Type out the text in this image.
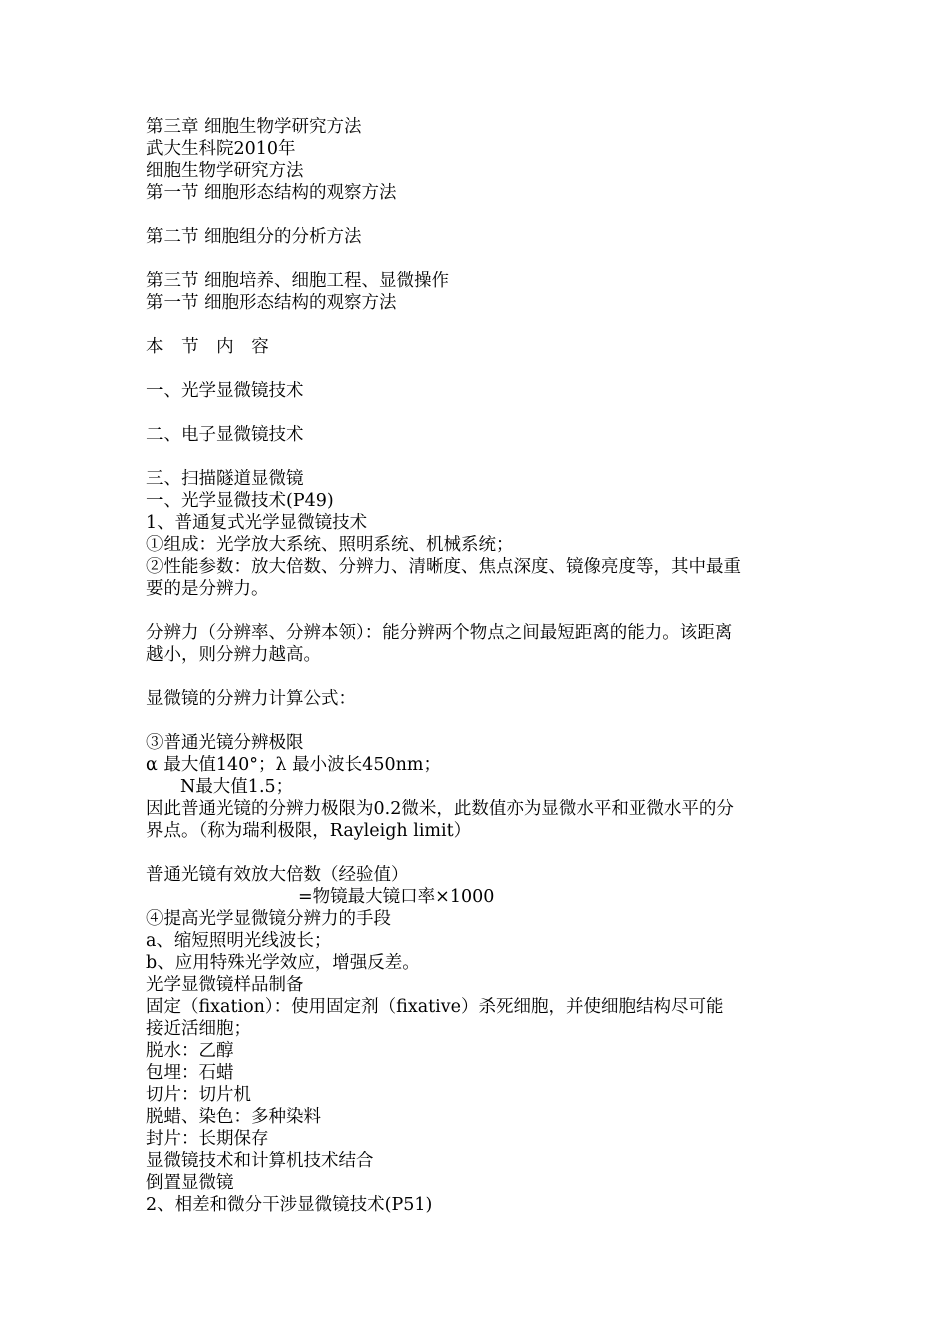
第三章 细胞生物学研究方法
武大生科院2010年
细胞生物学研究方法
第一节 细胞形态结构的观察方法
第二节 细胞组分的分析方法
第三节 细胞培养、细胞工程、显微操作
第一节 细胞形态结构的观察方法
本 节 内 容
一、光学显微镜技术
二、电子显微镜技术
三、扫描隧道显微镜
一、光学显微技术(P49)
1、普通复式光学显微镜技术
①组成：光学放大系统、照明系统、机械系统；
②性能参数：放大倍数、分辨力、清晰度、焦点深度、镜像亮度等，其中最重
要的是分辨力。
分辨力（分辨率、分辨本领）：能分辨两个物点之间最短距离的能力。该距离
越小，则分辨力越高。
显微镜的分辨力计算公式：
③普通光镜分辨极限
α 最大值140°；λ 最小波长450nm；
N最大值1.5；
因此普通光镜的分辨力极限为0.2微米，此数值亦为显微水平和亚微水平的分
界点。（称为瑞利极限，Rayleigh limit）
普通光镜有效放大倍数（经验值）
=物镜最大镜口率×1000
④提高光学显微镜分辨力的手段
a、缩短照明光线波长；
b、应用特殊光学效应，增强反差。
光学显微镜样品制备
固定（fixation）：使用固定剂（fixative）杀死细胞，并使细胞结构尽可能
接近活细胞；
脱水：乙醇
包埋：石蜡
切片：切片机
脱蜡、染色：多种染料
封片：长期保存
显微镜技术和计算机技术结合
倒置显微镜
2、相差和微分干涉显微镜技术(P51)
